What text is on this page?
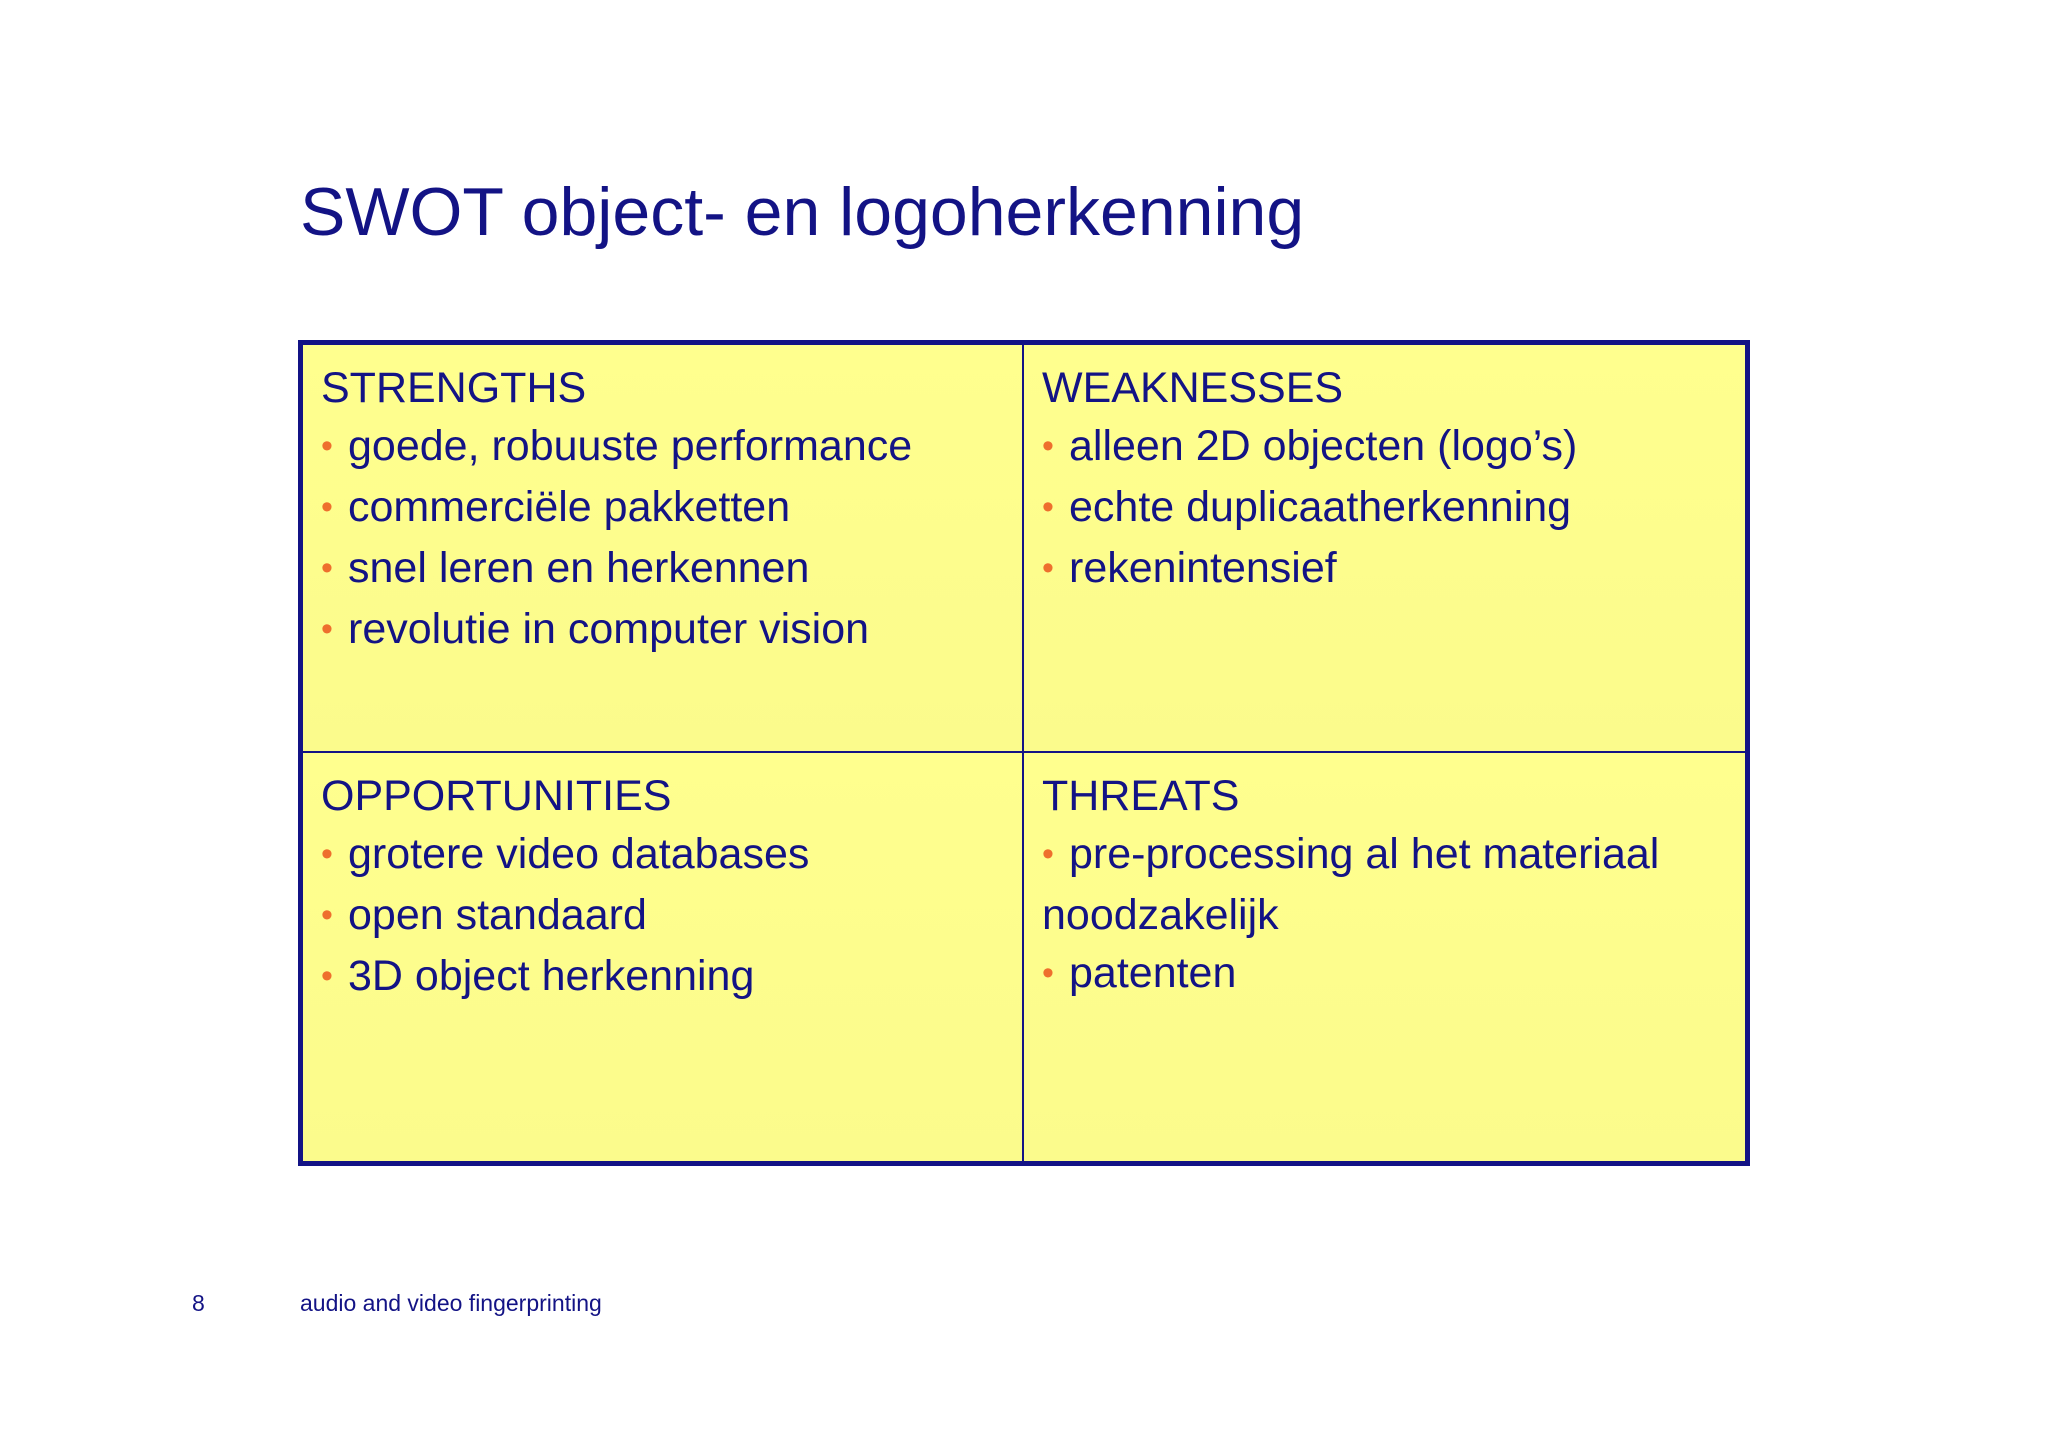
SWOT object- en logoherkenning
STRENGTHS
• goede, robuuste performance
• commerciële pakketten
• snel leren en herkennen
• revolutie in computer vision
WEAKNESSES
• alleen 2D objecten (logo’s)
• echte duplicaatherkenning
• rekenintensief
OPPORTUNITIES
• grotere video databases
• open standaard
• 3D object herkenning
THREATS
• pre-processing al het materiaal noodzakelijk
• patenten
8	audio and video fingerprinting
